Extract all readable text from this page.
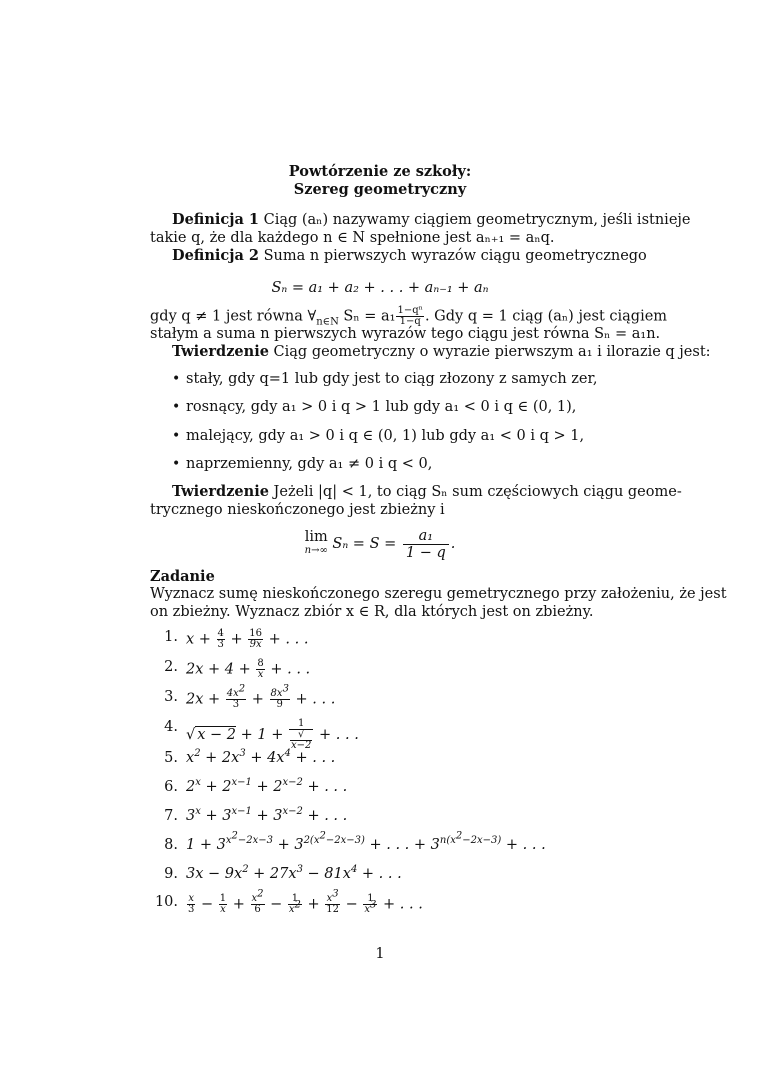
Powtórzenie ze szkoły:
Szereg geometryczny
Definicja 1 Ciąg (aₙ) nazywamy ciągiem geometrycznym, jeśli istnieje
takie q, że dla każdego n ∈ N spełnione jest aₙ₊₁ = aₙq.
Definicja 2 Suma n pierwszych wyrazów ciągu geometrycznego
Sₙ = a₁ + a₂ + . . . + aₙ₋₁ + aₙ
gdy q ≠ 1 jest równa $\forall_{n\in N}$ $S_n = a_1 \frac{\text{1−qⁿ}}{1-q}$ . Gdy q = 1 ciąg (aₙ) jest ciągiem
stałym a suma n pierwszych wyrazów tego ciągu jest równa Sₙ = a₁n.
Twierdzenie Ciąg geometryczny o wyrazie pierwszym a₁ i ilorazie q jest:
• stały, gdy q=1 lub gdy jest to ciąg złozony z samych zer,
• rosnący, gdy a₁ > 0 i q > 1 lub gdy a₁ < 0 i q ∈ (0, 1),
• malejący, gdy a₁ > 0 i q ∈ (0, 1) lub gdy a₁ < 0 i q > 1,
• naprzemienny, gdy a₁ ≠ 0 i q < 0,
Twierdzenie Jeżeli |q| < 1, to ciąg Sₙ sum częściowych ciągu geome-
trycznego nieskończonego jest zbieżny i
lim
n→∞ $S_n = S = \frac{\text{a₁}}{1 - q}$ .
Zadanie
Wyznacz sumę nieskończonego szeregu gemetrycznego przy założeniu, że jest
on zbieżny. Wyznacz zbiór x ∈ R, dla których jest on zbieżny.
1. $x + \frac{4}{3} + \frac{16}{9x}$ + . . .
2. $2x + 4 + \frac{8}{x}$ + . . .
3. $2x + \frac{4x^2}{3} + \frac{8x^3}{9}$ + . . .
4. √ x − 2 + 1 + 1
√
x−2 + . . .
5. $x^2 + 2x^3 + 4x^4$ + . . .
6. $2^x + 2^{x-1} + 2^{x-2}$ + . . .
7. $3^x + 3^{x-1} + 3^{x-2}$ + . . .
8. $1 + 3^{x^2-2x-3} + 3^{2(x^2-2x-3)}$ + . . . + $3^{n(x^2-2x-3)}$ + . . .
9. $3x - 9x^2 + 27x^3 - 81x^4$ + . . .
10. $\frac{x}{3} - \frac{1}{x} + \frac{x^2}{6} - \frac{1}{x^2} + \frac{x^3}{12} - \frac{1}{x^3}$ + . . .
1
